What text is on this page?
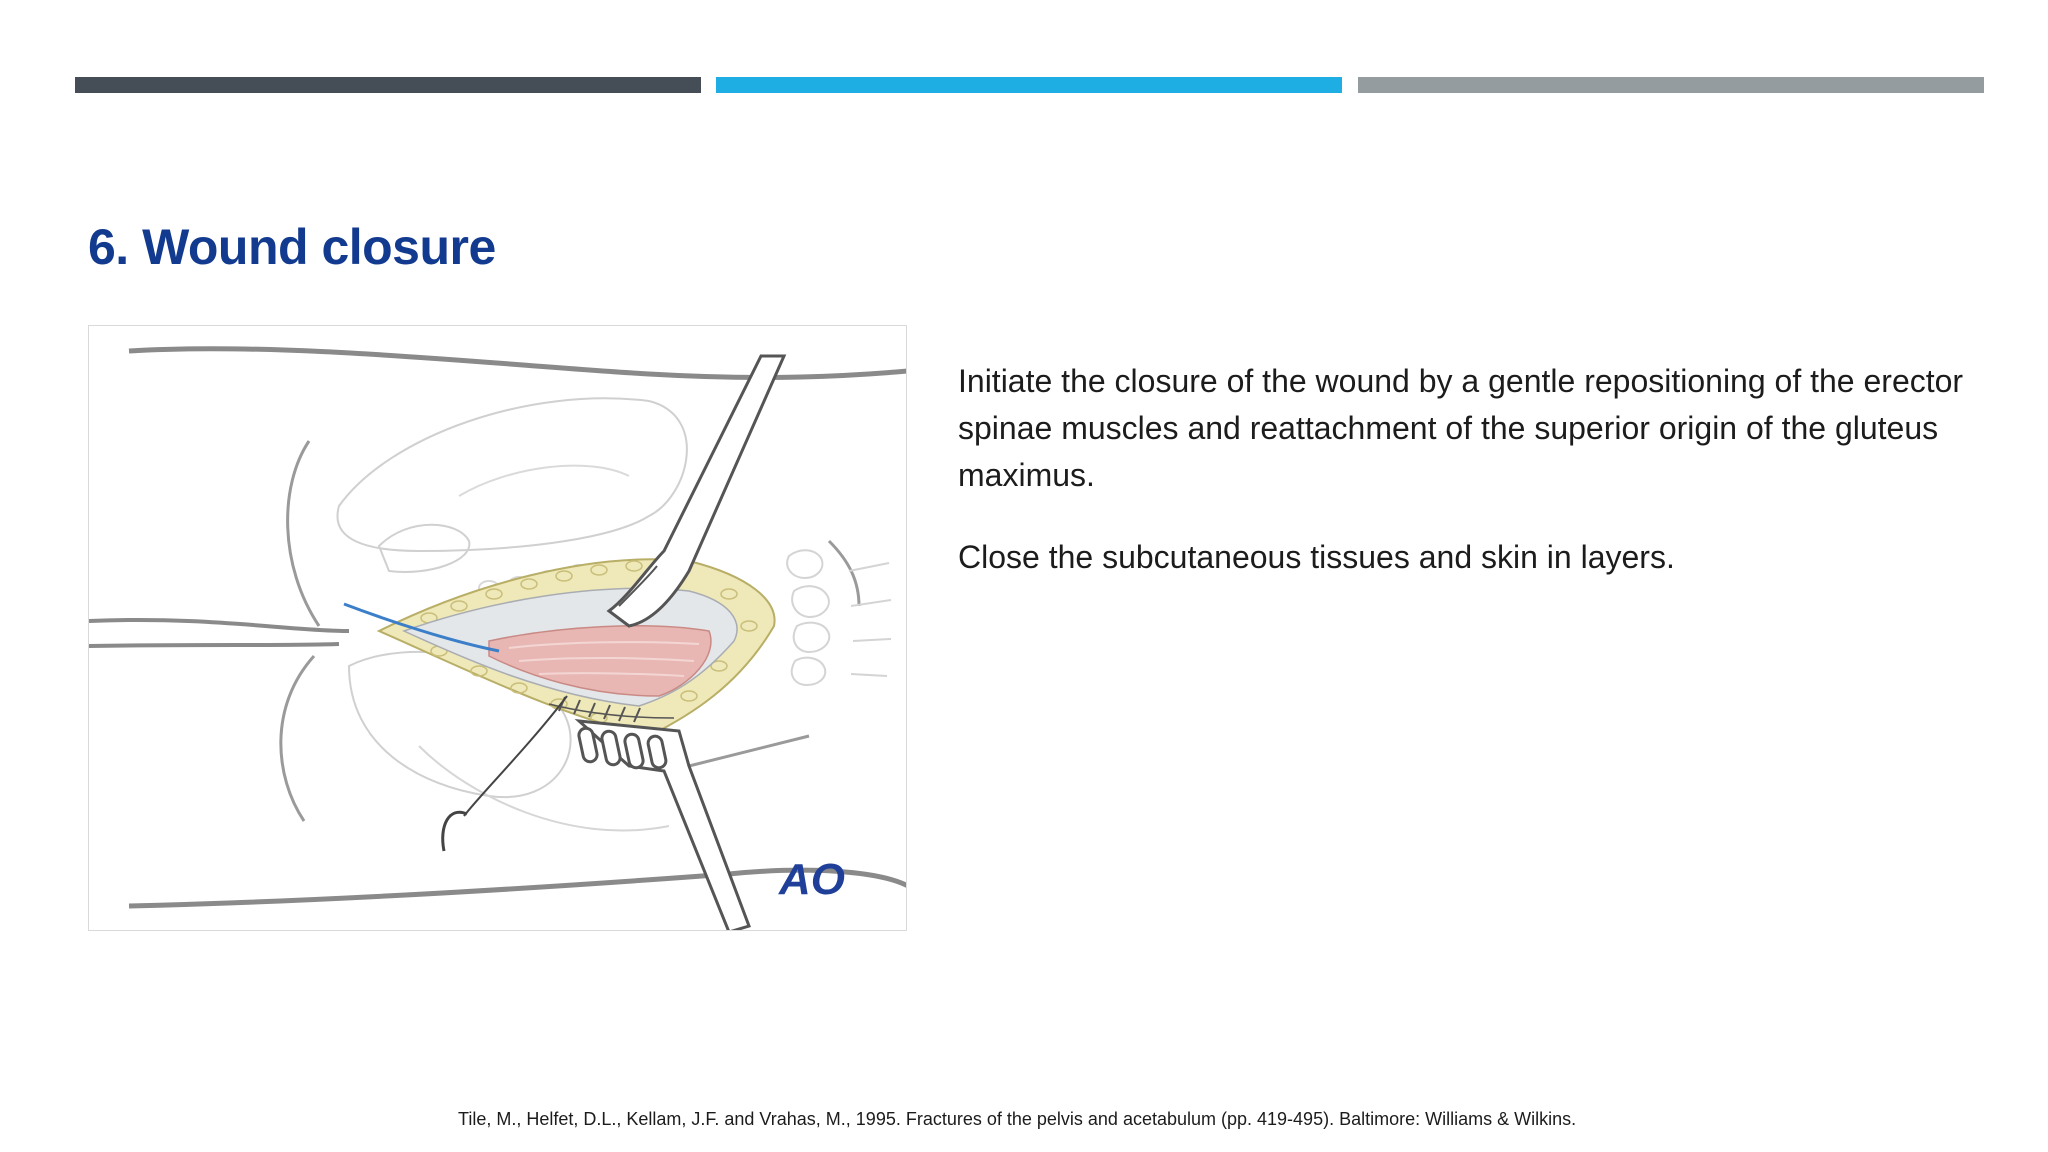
6. Wound closure
AO

Initiate the closure of the wound by a gentle repositioning of the erector spinae muscles and reattachment of the superior origin of the gluteus maximus.

Close the subcutaneous tissues and skin in layers.

Tile, M., Helfet, D.L., Kellam, J.F. and Vrahas, M., 1995. Fractures of the pelvis and acetabulum (pp. 419-495). Baltimore: Williams & Wilkins.
